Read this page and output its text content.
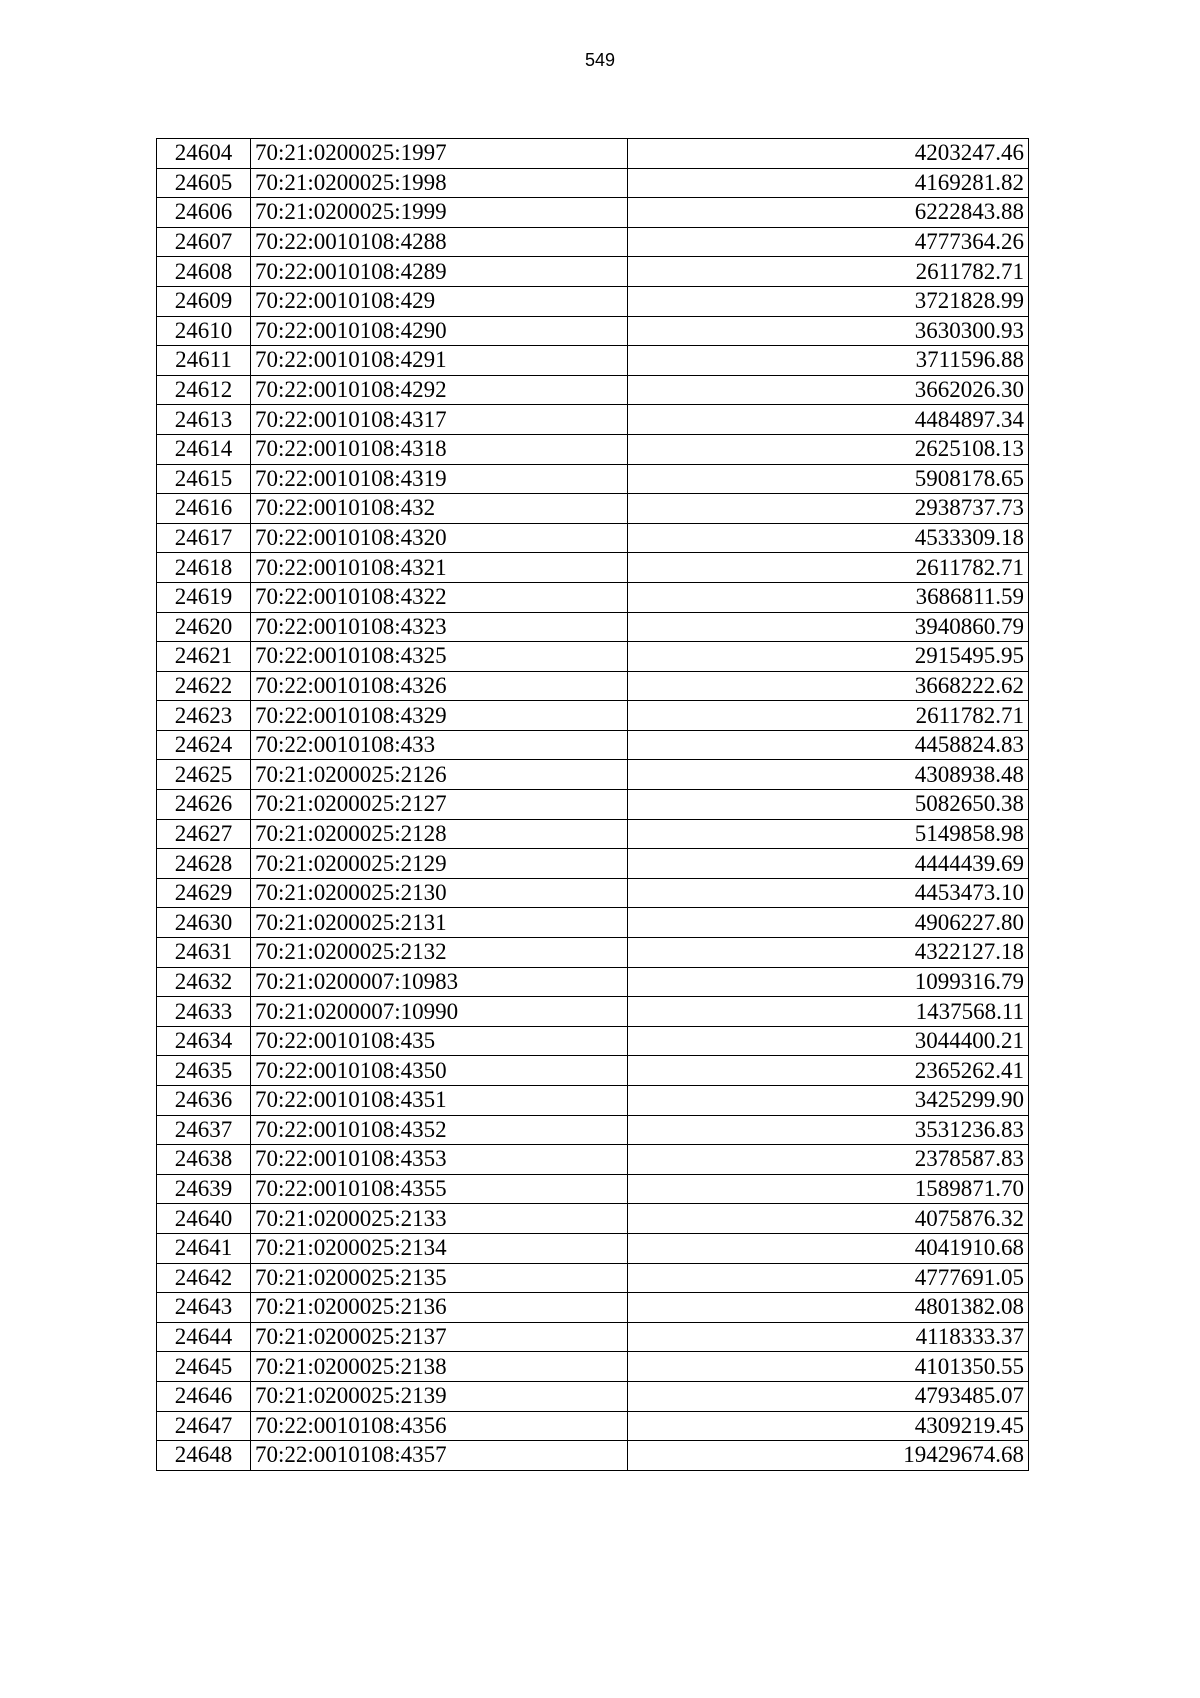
549
24604	70:21:0200025:1997	4203247.46
24605	70:21:0200025:1998	4169281.82
24606	70:21:0200025:1999	6222843.88
24607	70:22:0010108:4288	4777364.26
24608	70:22:0010108:4289	2611782.71
24609	70:22:0010108:429	3721828.99
24610	70:22:0010108:4290	3630300.93
24611	70:22:0010108:4291	3711596.88
24612	70:22:0010108:4292	3662026.30
24613	70:22:0010108:4317	4484897.34
24614	70:22:0010108:4318	2625108.13
24615	70:22:0010108:4319	5908178.65
24616	70:22:0010108:432	2938737.73
24617	70:22:0010108:4320	4533309.18
24618	70:22:0010108:4321	2611782.71
24619	70:22:0010108:4322	3686811.59
24620	70:22:0010108:4323	3940860.79
24621	70:22:0010108:4325	2915495.95
24622	70:22:0010108:4326	3668222.62
24623	70:22:0010108:4329	2611782.71
24624	70:22:0010108:433	4458824.83
24625	70:21:0200025:2126	4308938.48
24626	70:21:0200025:2127	5082650.38
24627	70:21:0200025:2128	5149858.98
24628	70:21:0200025:2129	4444439.69
24629	70:21:0200025:2130	4453473.10
24630	70:21:0200025:2131	4906227.80
24631	70:21:0200025:2132	4322127.18
24632	70:21:0200007:10983	1099316.79
24633	70:21:0200007:10990	1437568.11
24634	70:22:0010108:435	3044400.21
24635	70:22:0010108:4350	2365262.41
24636	70:22:0010108:4351	3425299.90
24637	70:22:0010108:4352	3531236.83
24638	70:22:0010108:4353	2378587.83
24639	70:22:0010108:4355	1589871.70
24640	70:21:0200025:2133	4075876.32
24641	70:21:0200025:2134	4041910.68
24642	70:21:0200025:2135	4777691.05
24643	70:21:0200025:2136	4801382.08
24644	70:21:0200025:2137	4118333.37
24645	70:21:0200025:2138	4101350.55
24646	70:21:0200025:2139	4793485.07
24647	70:22:0010108:4356	4309219.45
24648	70:22:0010108:4357	19429674.68
